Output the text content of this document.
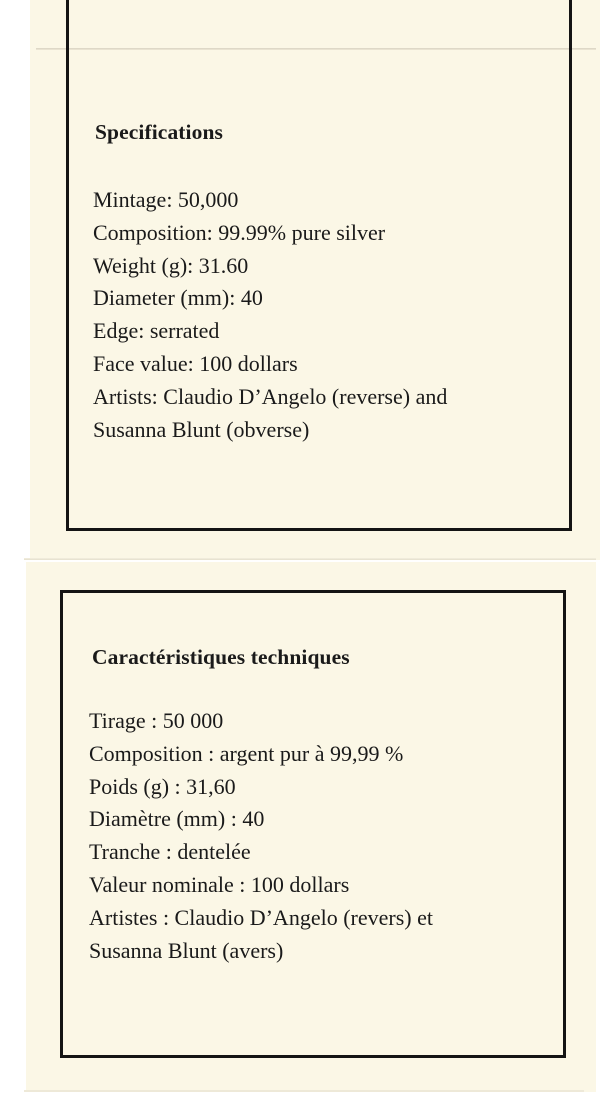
Specifications
Mintage: 50,000
Composition: 99.99% pure silver
Weight (g): 31.60
Diameter (mm): 40
Edge: serrated
Face value: 100 dollars
Artists: Claudio D’Angelo (reverse) and
Susanna Blunt (obverse)
Caractéristiques techniques
Tirage : 50 000
Composition : argent pur à 99,99 %
Poids (g) : 31,60
Diamètre (mm) : 40
Tranche : dentelée
Valeur nominale : 100 dollars
Artistes : Claudio D’Angelo (revers) et
Susanna Blunt (avers)
